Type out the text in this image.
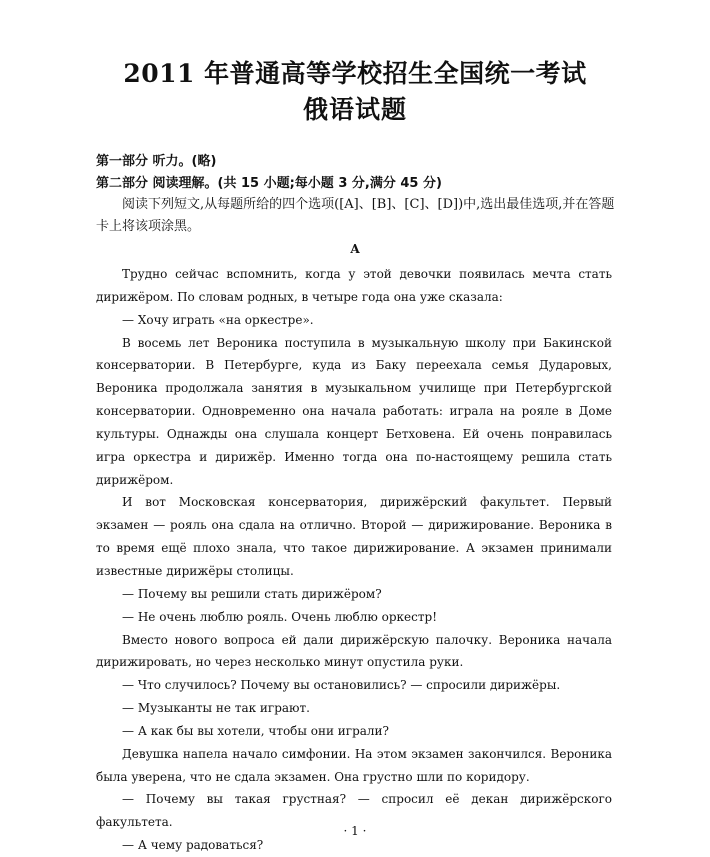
2011 年普通高等学校招生全国统一考试
俄语试题
第一部分 听力。(略)
第二部分 阅读理解。(共 15 小题;每小题 3 分,满分 45 分)
阅读下列短文,从每题所给的四个选项([A]、[B]、[C]、[D])中,选出最佳选项,并在答题卡上将该项涂黑。
A

Трудно сейчас вспомнить, когда у этой девочки появилась мечта стать дирижёром. По словам родных, в четыре года она уже сказала:

— Хочу играть «на оркестре».

В восемь лет Вероника поступила в музыкальную школу при Бакинской консерватории. В Петербурге, куда из Баку переехала семья Дударовых, Вероника продолжала занятия в музыкальном училище при Петербургской консерватории. Одновременно она начала работать: играла на рояле в Доме культуры. Однажды она слушала концерт Бетховена. Ей очень понравилась игра оркестра и дирижёр. Именно тогда она по-настоящему решила стать дирижёром.

И вот Московская консерватория, дирижёрский факультет. Первый экзамен — рояль она сдала на отлично. Второй — дирижирование. Вероника в то время ещё плохо знала, что такое дирижирование. А экзамен принимали известные дирижёры столицы.

— Почему вы решили стать дирижёром?

— Не очень люблю рояль. Очень люблю оркестр!

Вместо нового вопроса ей дали дирижёрскую палочку. Вероника начала дирижировать, но через несколько минут опустила руки.

— Что случилось? Почему вы остановились? — спросили дирижёры.

— Музыканты не так играют.

— А как бы вы хотели, чтобы они играли?

Девушка напела начало симфонии. На этом экзамен закончился. Вероника была уверена, что не сдала экзамен. Она грустно шли по коридору.

— Почему вы такая грустная? — спросил её декан дирижёрского факультета.

— А чему радоваться?

· 1 ·
